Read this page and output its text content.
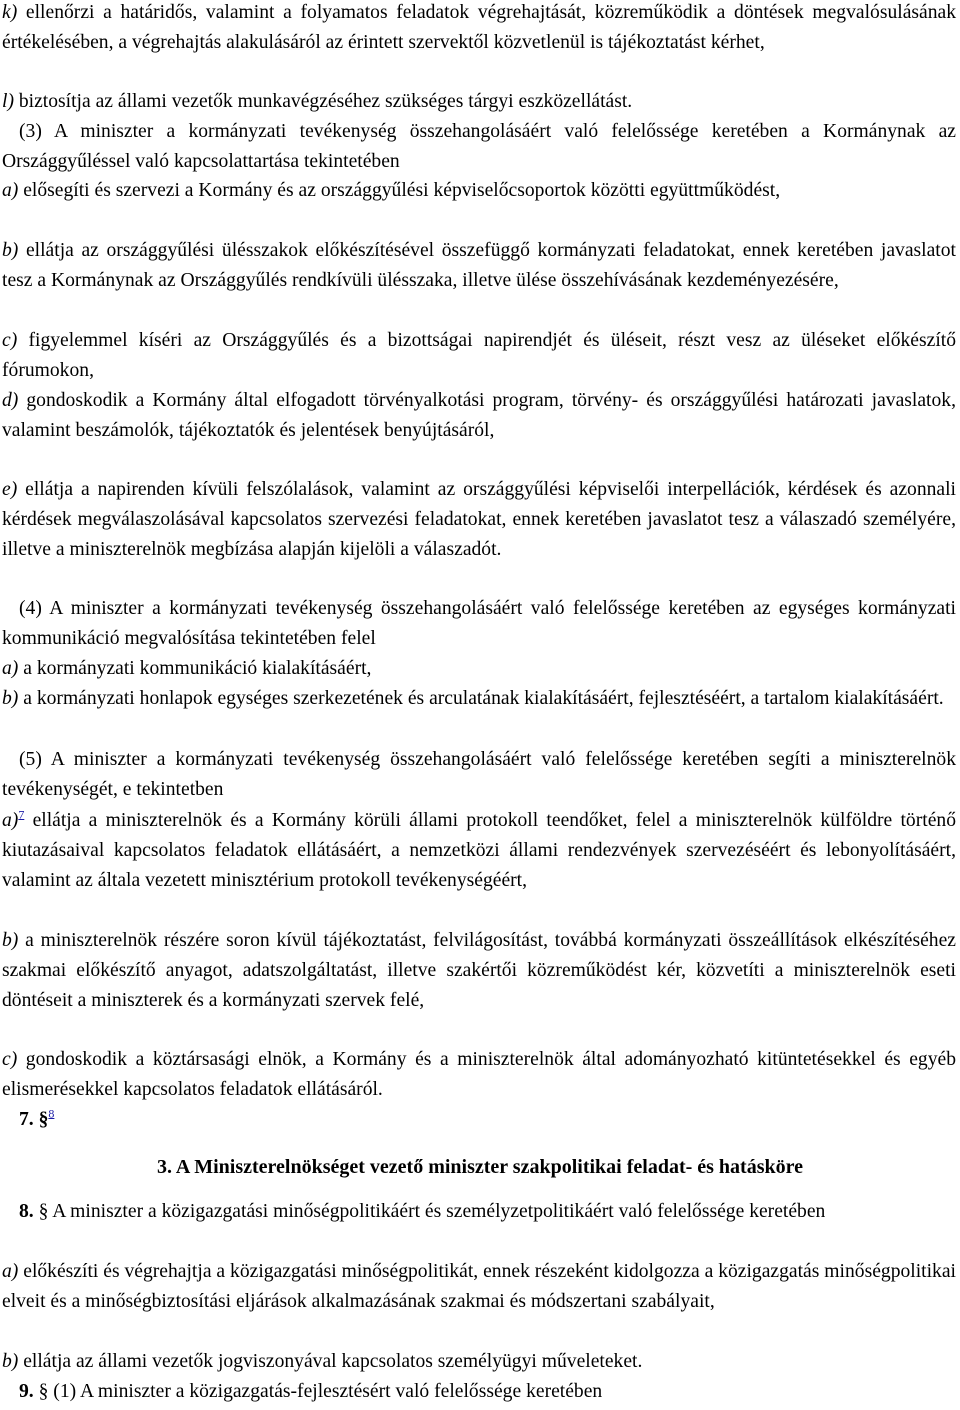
k) ellenőrzi a határidős, valamint a folyamatos feladatok végrehajtását, közreműködik a döntések megvalósulásának értékelésében, a végrehajtás alakulásáról az érintett szervektől közvetlenül is tájékoztatást kérhet,

l) biztosítja az állami vezetők munkavégzéséhez szükséges tárgyi eszközellátást.

(3) A miniszter a kormányzati tevékenység összehangolásáért való felelőssége keretében a Kormánynak az Országgyűléssel való kapcsolattartása tekintetében

a) elősegíti és szervezi a Kormány és az országgyűlési képviselőcsoportok közötti együttműködést,

b) ellátja az országgyűlési ülésszakok előkészítésével összefüggő kormányzati feladatokat, ennek keretében javaslatot tesz a Kormánynak az Országgyűlés rendkívüli ülésszaka, illetve ülése összehívásának kezdeményezésére,

c) figyelemmel kíséri az Országgyűlés és a bizottságai napirendjét és üléseit, részt vesz az üléseket előkészítő fórumokon,

d) gondoskodik a Kormány által elfogadott törvényalkotási program, törvény- és országgyűlési határozati javaslatok, valamint beszámolók, tájékoztatók és jelentések benyújtásáról,

e) ellátja a napirenden kívüli felszólalások, valamint az országgyűlési képviselői interpellációk, kérdések és azonnali kérdések megválaszolásával kapcsolatos szervezési feladatokat, ennek keretében javaslatot tesz a válaszadó személyére, illetve a miniszterelnök megbízása alapján kijelöli a válaszadót.

(4) A miniszter a kormányzati tevékenység összehangolásáért való felelőssége keretében az egységes kormányzati kommunikáció megvalósítása tekintetében felel

a) a kormányzati kommunikáció kialakításáért,

b) a kormányzati honlapok egységes szerkezetének és arculatának kialakításáért, fejlesztéséért, a tartalom kialakításáért.

(5) A miniszter a kormányzati tevékenység összehangolásáért való felelőssége keretében segíti a miniszterelnök tevékenységét, e tekintetben

a)$^7$ ellátja a miniszterelnök és a Kormány körüli állami protokoll teendőket, felel a miniszterelnök külföldre történő kiutazásaival kapcsolatos feladatok ellátásáért, a nemzetközi állami rendezvények szervezéséért és lebonyolításáért, valamint az általa vezetett minisztérium protokoll tevékenységéért,

b) a miniszterelnök részére soron kívül tájékoztatást, felvilágosítást, továbbá kormányzati összeállítások elkészítéséhez szakmai előkészítő anyagot, adatszolgáltatást, illetve szakértői közreműködést kér, közvetíti a miniszterelnök eseti döntéseit a miniszterek és a kormányzati szervek felé,

c) gondoskodik a köztársasági elnök, a Kormány és a miniszterelnök által adományozható kitüntetésekkel és egyéb elismerésekkel kapcsolatos feladatok ellátásáról.

7. §$^8$

3. A Miniszterelnökséget vezető miniszter szakpolitikai feladat- és hatásköre

8. § A miniszter a közigazgatási minőségpolitikáért és személyzetpolitikáért való felelőssége keretében

a) előkészíti és végrehajtja a közigazgatási minőségpolitikát, ennek részeként kidolgozza a közigazgatás minőségpolitikai elveit és a minőségbiztosítási eljárások alkalmazásának szakmai és módszertani szabályait,

b) ellátja az állami vezetők jogviszonyával kapcsolatos személyügyi műveleteket.

9. § (1) A miniszter a közigazgatás-fejlesztésért való felelőssége keretében
